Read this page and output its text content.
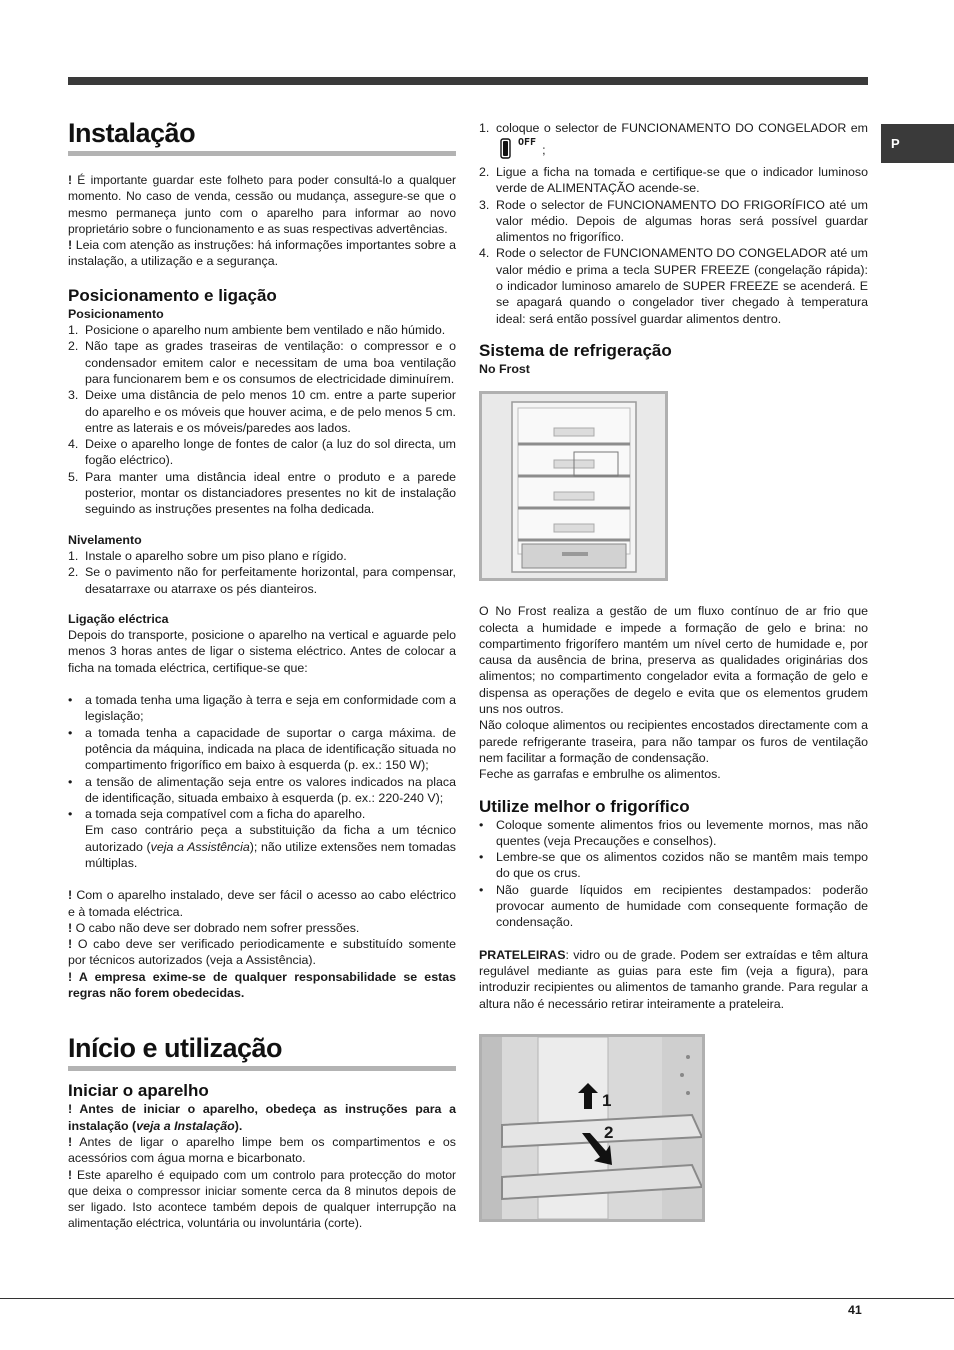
P
Instalação

! É importante guardar este folheto para poder consultá-lo a qualquer momento. No caso de venda, cessão ou mudança, assegure-se que o mesmo permaneça junto com o aparelho para informar ao novo proprietário sobre o funcionamento e as suas respectivas advertências.

! Leia com atenção as instruções: há informações importantes sobre a instalação, a utilização e a segurança.

Posicionamento e ligação
Posicionamento
1. Posicione o aparelho num ambiente bem ventilado e não húmido.
2. Não tape as grades traseiras de ventilação: o compressor e o condensador emitem calor e necessitam de uma boa ventilação para funcionarem bem e os consumos de electricidade diminuírem.
3. Deixe uma distância de pelo menos 10 cm. entre a parte superior do aparelho e os móveis que houver acima, e de pelo menos 5 cm. entre as laterais e os móveis/paredes aos lados.
4. Deixe o aparelho longe de fontes de calor (a luz do sol directa, um fogão eléctrico).
5. Para manter uma distância ideal entre o produto e a parede posterior, montar os distanciadores presentes no kit de instalação seguindo as instruções presentes na folha dedicada.
Nivelamento
1. Instale o aparelho sobre um piso plano e rígido.
2. Se o pavimento não for perfeitamente horizontal, para compensar, desatarraxe ou atarraxe os pés dianteiros.
Ligação eléctrica

Depois do transporte, posicione o aparelho na vertical e aguarde pelo menos 3 horas antes de ligar o sistema eléctrico. Antes de colocar a ficha na tomada eléctrica, certifique-se que:

• a tomada tenha uma ligação à terra e seja em conformidade com a legislação;
• a tomada tenha a capacidade de suportar o carga máxima. de potência da máquina, indicada na placa de identificação situada no compartimento frigorífico em baixo à esquerda (p. ex.: 150 W);
• a tensão de alimentação seja entre os valores indicados na placa de identificação, situada embaixo à esquerda (p. ex.: 220-240 V);
• a tomada seja compatível com a ficha do aparelho.

Em caso contrário peça a substituição da ficha a um técnico autorizado (veja a Assistência); não utilize extensões nem tomadas múltiplas.

! Com o aparelho instalado, deve ser fácil o acesso ao cabo eléctrico e à tomada eléctrica.

! O cabo não deve ser dobrado nem sofrer pressões.

! O cabo deve ser verificado periodicamente e substituído somente por técnicos autorizados (veja a Assistência).

! A empresa exime-se de qualquer responsabilidade se estas regras não forem obedecidas.

Início e utilização
Iniciar o aparelho

! Antes de iniciar o aparelho, obedeça as instruções para a instalação (veja a Instalação).

! Antes de ligar o aparelho limpe bem os compartimentos e os acessórios com água morna e bicarbonato.

! Este aparelho é equipado com um controlo para protecção do motor que deixa o compressor iniciar somente cerca da 8 minutos depois de ser ligado. Isto acontece também depois de qualquer interrupção na alimentação eléctrica, voluntária ou involuntária (corte).

1. coloque o selector de FUNCIONAMENTO DO CONGELADOR em $^{OFF}$;
2. Ligue a ficha na tomada e certifique-se que o indicador luminoso verde de ALIMENTAÇÃO acende-se.
3. Rode o selector de FUNCIONAMENTO DO FRIGORÍFICO até um valor médio. Depois de algumas horas será possível guardar alimentos no frigorífico.
4. Rode o selector de FUNCIONAMENTO DO CONGELADOR até um valor médio e prima a tecla SUPER FREEZE (congelação rápida): o indicador luminoso amarelo de SUPER FREEZE se acenderá. E se apagará quando o congelador tiver chegado à temperatura ideal: será então possível guardar alimentos dentro.
Sistema de refrigeração
No Frost

O No Frost realiza a gestão de um fluxo contínuo de ar frio que colecta a humidade e impede a formação de gelo e brina: no compartimento frigorífero mantém um nível certo de humidade e, por causa da ausência de brina, preserva as qualidades originárias dos alimentos; no compartimento congelador evita a formação de gelo e dispensa as operações de degelo e evita que os elementos grudem uns nos outros.

Não coloque alimentos ou recipientes encostados directamente com a parede refrigerante traseira, para não tampar os furos de ventilação nem facilitar a formação de condensação.

Feche as garrafas e embrulhe os alimentos.

Utilize melhor o frigorífico
• Coloque somente alimentos frios ou levemente mornos, mas não quentes (veja Precauções e conselhos).
• Lembre-se que os alimentos cozidos não se mantêm mais tempo do que os crus.
• Não guarde líquidos em recipientes destampados: poderão provocar aumento de humidade com consequente formação de condensação.

PRATELEIRAS: vidro ou de grade. Podem ser extraídas e têm altura regulável mediante as guias para este fim (veja a figura), para introduzir recipientes ou alimentos de tamanho grande. Para regular a altura não é necessário retirar inteiramente a prateleira.

1
2
41
